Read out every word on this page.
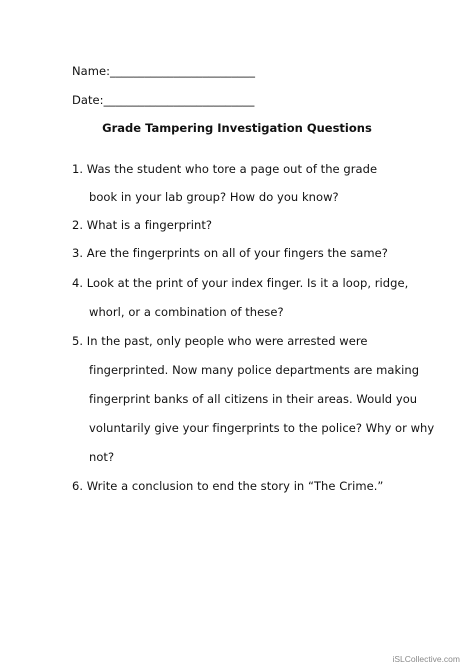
Name:_________________________
Date:__________________________
Grade Tampering Investigation Questions
1. Was the student who tore a page out of the grade
book in your lab group? How do you know?
2. What is a fingerprint?
3. Are the fingerprints on all of your fingers the same?
4. Look at the print of your index finger. Is it a loop, ridge,
whorl, or a combination of these?
5. In the past, only people who were arrested were
fingerprinted. Now many police departments are making
fingerprint banks of all citizens in their areas. Would you
voluntarily give your fingerprints to the police? Why or why
not?
6. Write a conclusion to end the story in “The Crime.”
iSLCollective.com
